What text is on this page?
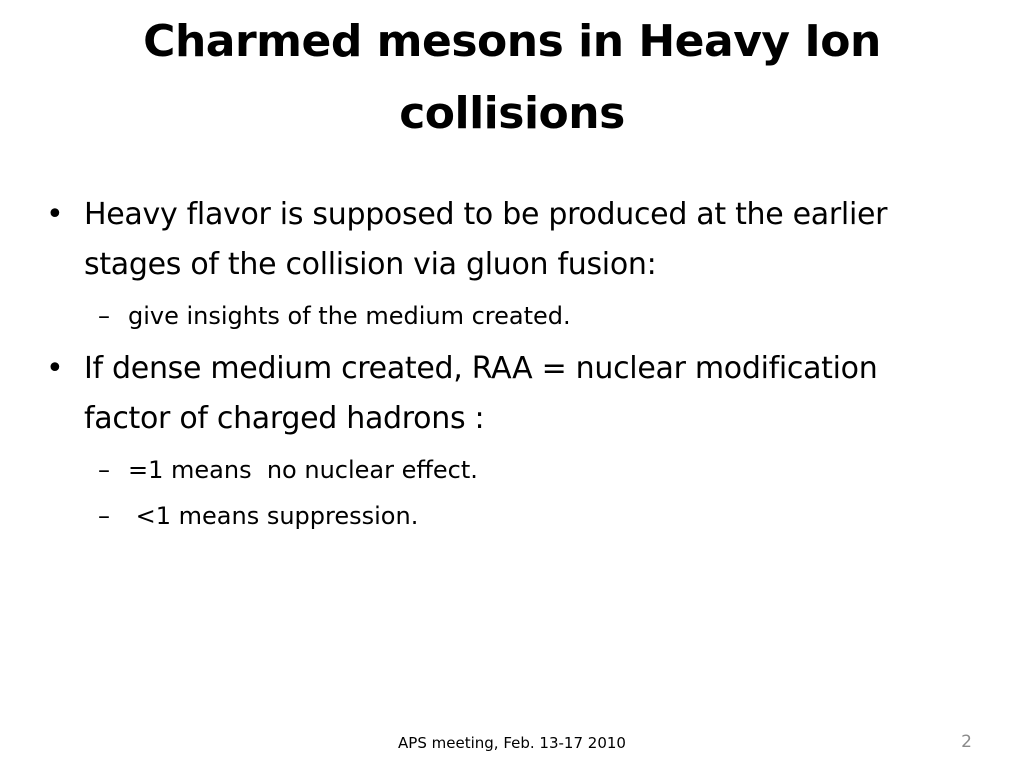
Charmed mesons in Heavy Ion
collisions
• Heavy flavor is supposed to be produced at the earlier
stages of the collision via gluon fusion:
– give insights of the medium created.
• If dense medium created, RAA = nuclear modification
factor of charged hadrons :
– =1 means  no nuclear effect.
– <1 means suppression.
APS meeting, Feb. 13-17 2010	2
